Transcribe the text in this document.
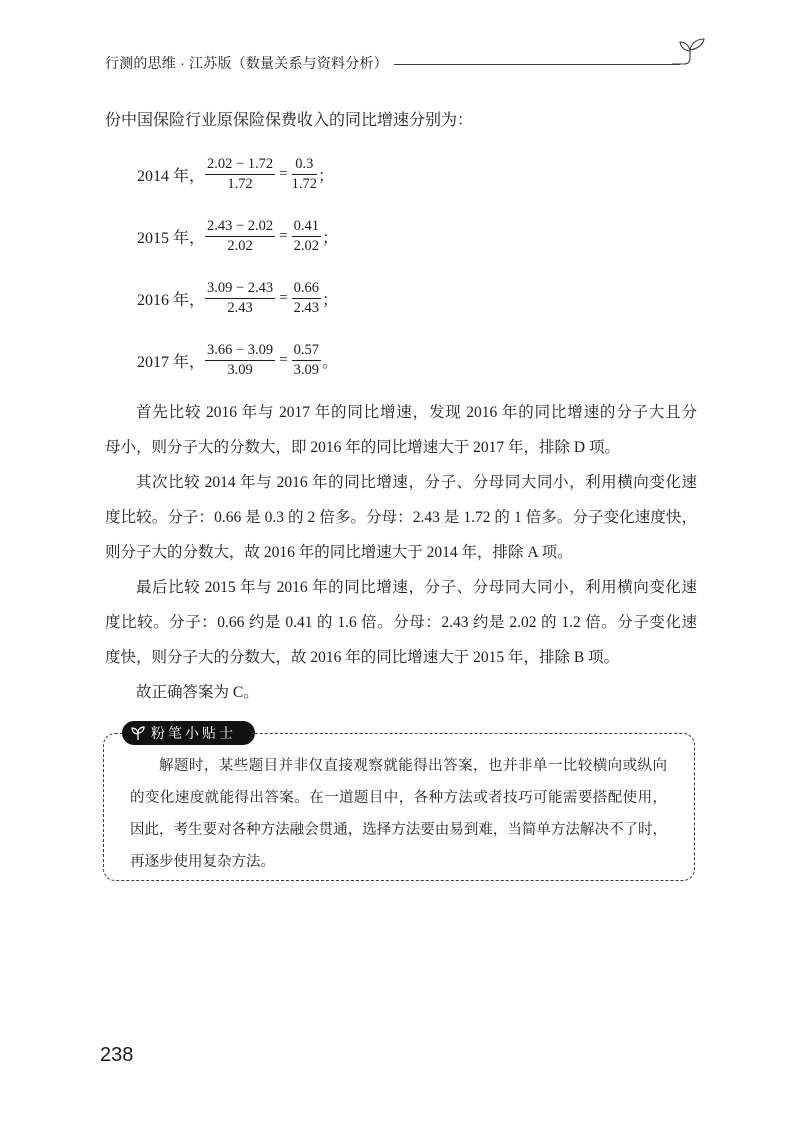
行测的思维 · 江苏版（数量关系与资料分析）
份中国保险行业原保险保费收入的同比增速分别为：
2014 年， $\frac{2.02 - 1.72}{1.72} = \frac{0.3}{1.72}$ ；
2015 年， $\frac{2.43 - 2.02}{2.02} = \frac{0.41}{2.02}$ ；
2016 年， $\frac{3.09 - 2.43}{2.43} = \frac{0.66}{2.43}$ ；
2017 年， $\frac{3.66 - 3.09}{3.09} = \frac{0.57}{3.09}$ 。
首先比较 2016 年与 2017 年的同比增速，发现 2016 年的同比增速的分子大且分
母小，则分子大的分数大，即 2016 年的同比增速大于 2017 年，排除 D 项。
其次比较 2014 年与 2016 年的同比增速，分子、分母同大同小，利用横向变化速
度比较。分子：0.66 是 0.3 的 2 倍多。分母：2.43 是 1.72 的 1 倍多。分子变化速度快，
则分子大的分数大，故 2016 年的同比增速大于 2014 年，排除 A 项。
最后比较 2015 年与 2016 年的同比增速，分子、分母同大同小，利用横向变化速
度比较。分子：0.66 约是 0.41 的 1.6 倍。分母：2.43 约是 2.02 的 1.2 倍。分子变化速
度快，则分子大的分数大，故 2016 年的同比增速大于 2015 年，排除 B 项。
故正确答案为 C。
粉笔小贴士
解题时，某些题目并非仅直接观察就能得出答案，也并非单一比较横向或纵向
的变化速度就能得出答案。在一道题目中，各种方法或者技巧可能需要搭配使用，
因此，考生要对各种方法融会贯通，选择方法要由易到难，当简单方法解决不了时，
再逐步使用复杂方法。
238
